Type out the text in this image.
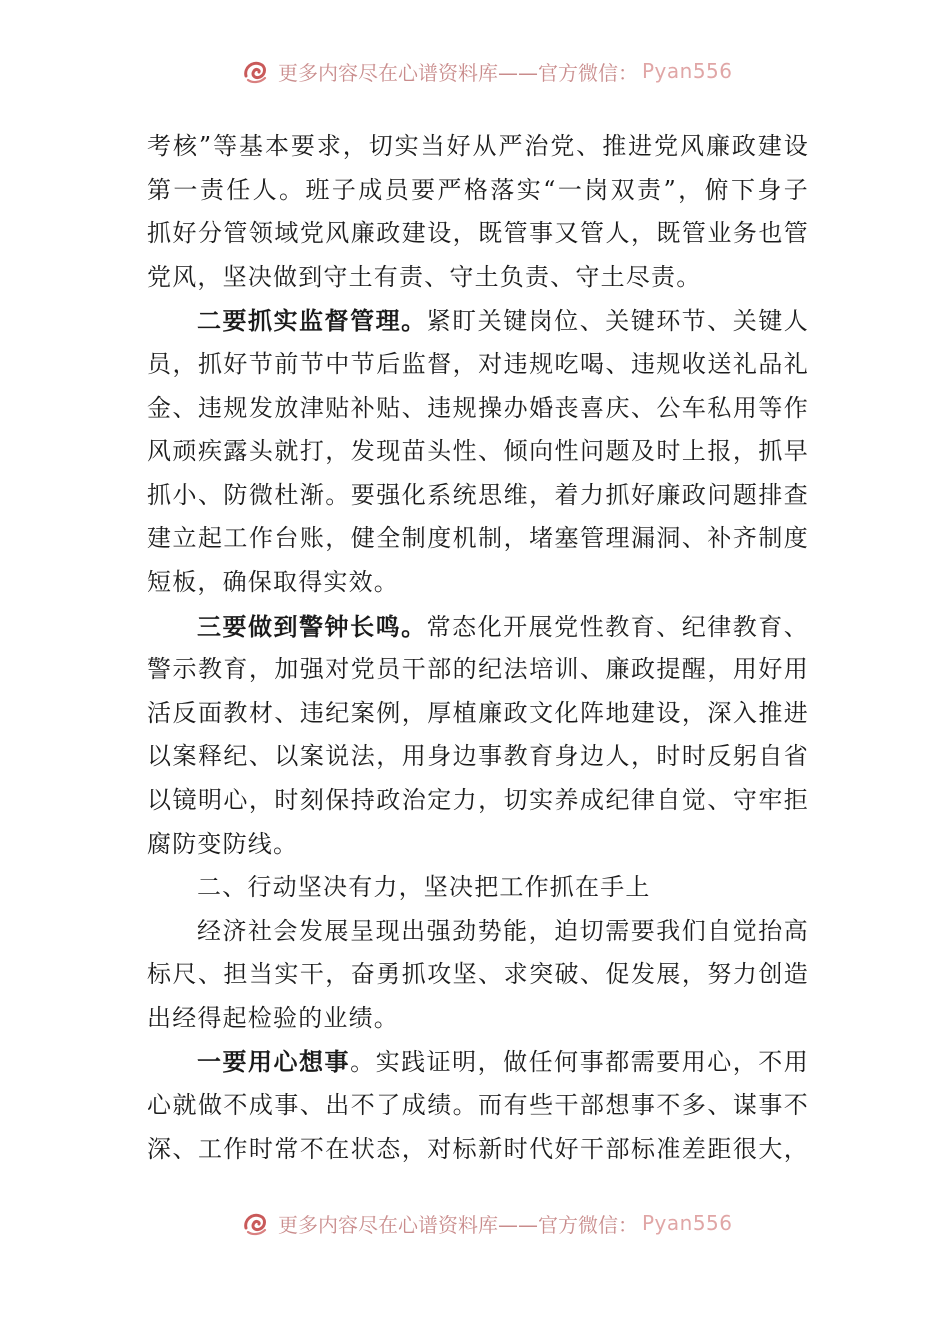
更多内容尽在心谱资料库——官方微信： Pyan556
考核”等基本要求，切实当好从严治党、推进党风廉政建设
第一责任人。班子成员要严格落实“一岗双责”，俯下身子
抓好分管领域党风廉政建设，既管事又管人，既管业务也管
党风，坚决做到守土有责、守土负责、守土尽责。
二要抓实监督管理。紧盯关键岗位、关键环节、关键人
员，抓好节前节中节后监督，对违规吃喝、违规收送礼品礼
金、违规发放津贴补贴、违规操办婚丧喜庆、公车私用等作
风顽疾露头就打，发现苗头性、倾向性问题及时上报，抓早
抓小、防微杜渐。要强化系统思维，着力抓好廉政问题排查
建立起工作台账，健全制度机制，堵塞管理漏洞、补齐制度
短板，确保取得实效。
三要做到警钟长鸣。常态化开展党性教育、纪律教育、
警示教育，加强对党员干部的纪法培训、廉政提醒，用好用
活反面教材、违纪案例，厚植廉政文化阵地建设，深入推进
以案释纪、以案说法，用身边事教育身边人，时时反躬自省
以镜明心，时刻保持政治定力，切实养成纪律自觉、守牢拒
腐防变防线。
二、行动坚决有力，坚决把工作抓在手上
经济社会发展呈现出强劲势能，迫切需要我们自觉抬高
标尺、担当实干，奋勇抓攻坚、求突破、促发展，努力创造
出经得起检验的业绩。
一要用心想事。实践证明，做任何事都需要用心，不用
心就做不成事、出不了成绩。而有些干部想事不多、谋事不
深、工作时常不在状态，对标新时代好干部标准差距很大，
更多内容尽在心谱资料库——官方微信： Pyan556
